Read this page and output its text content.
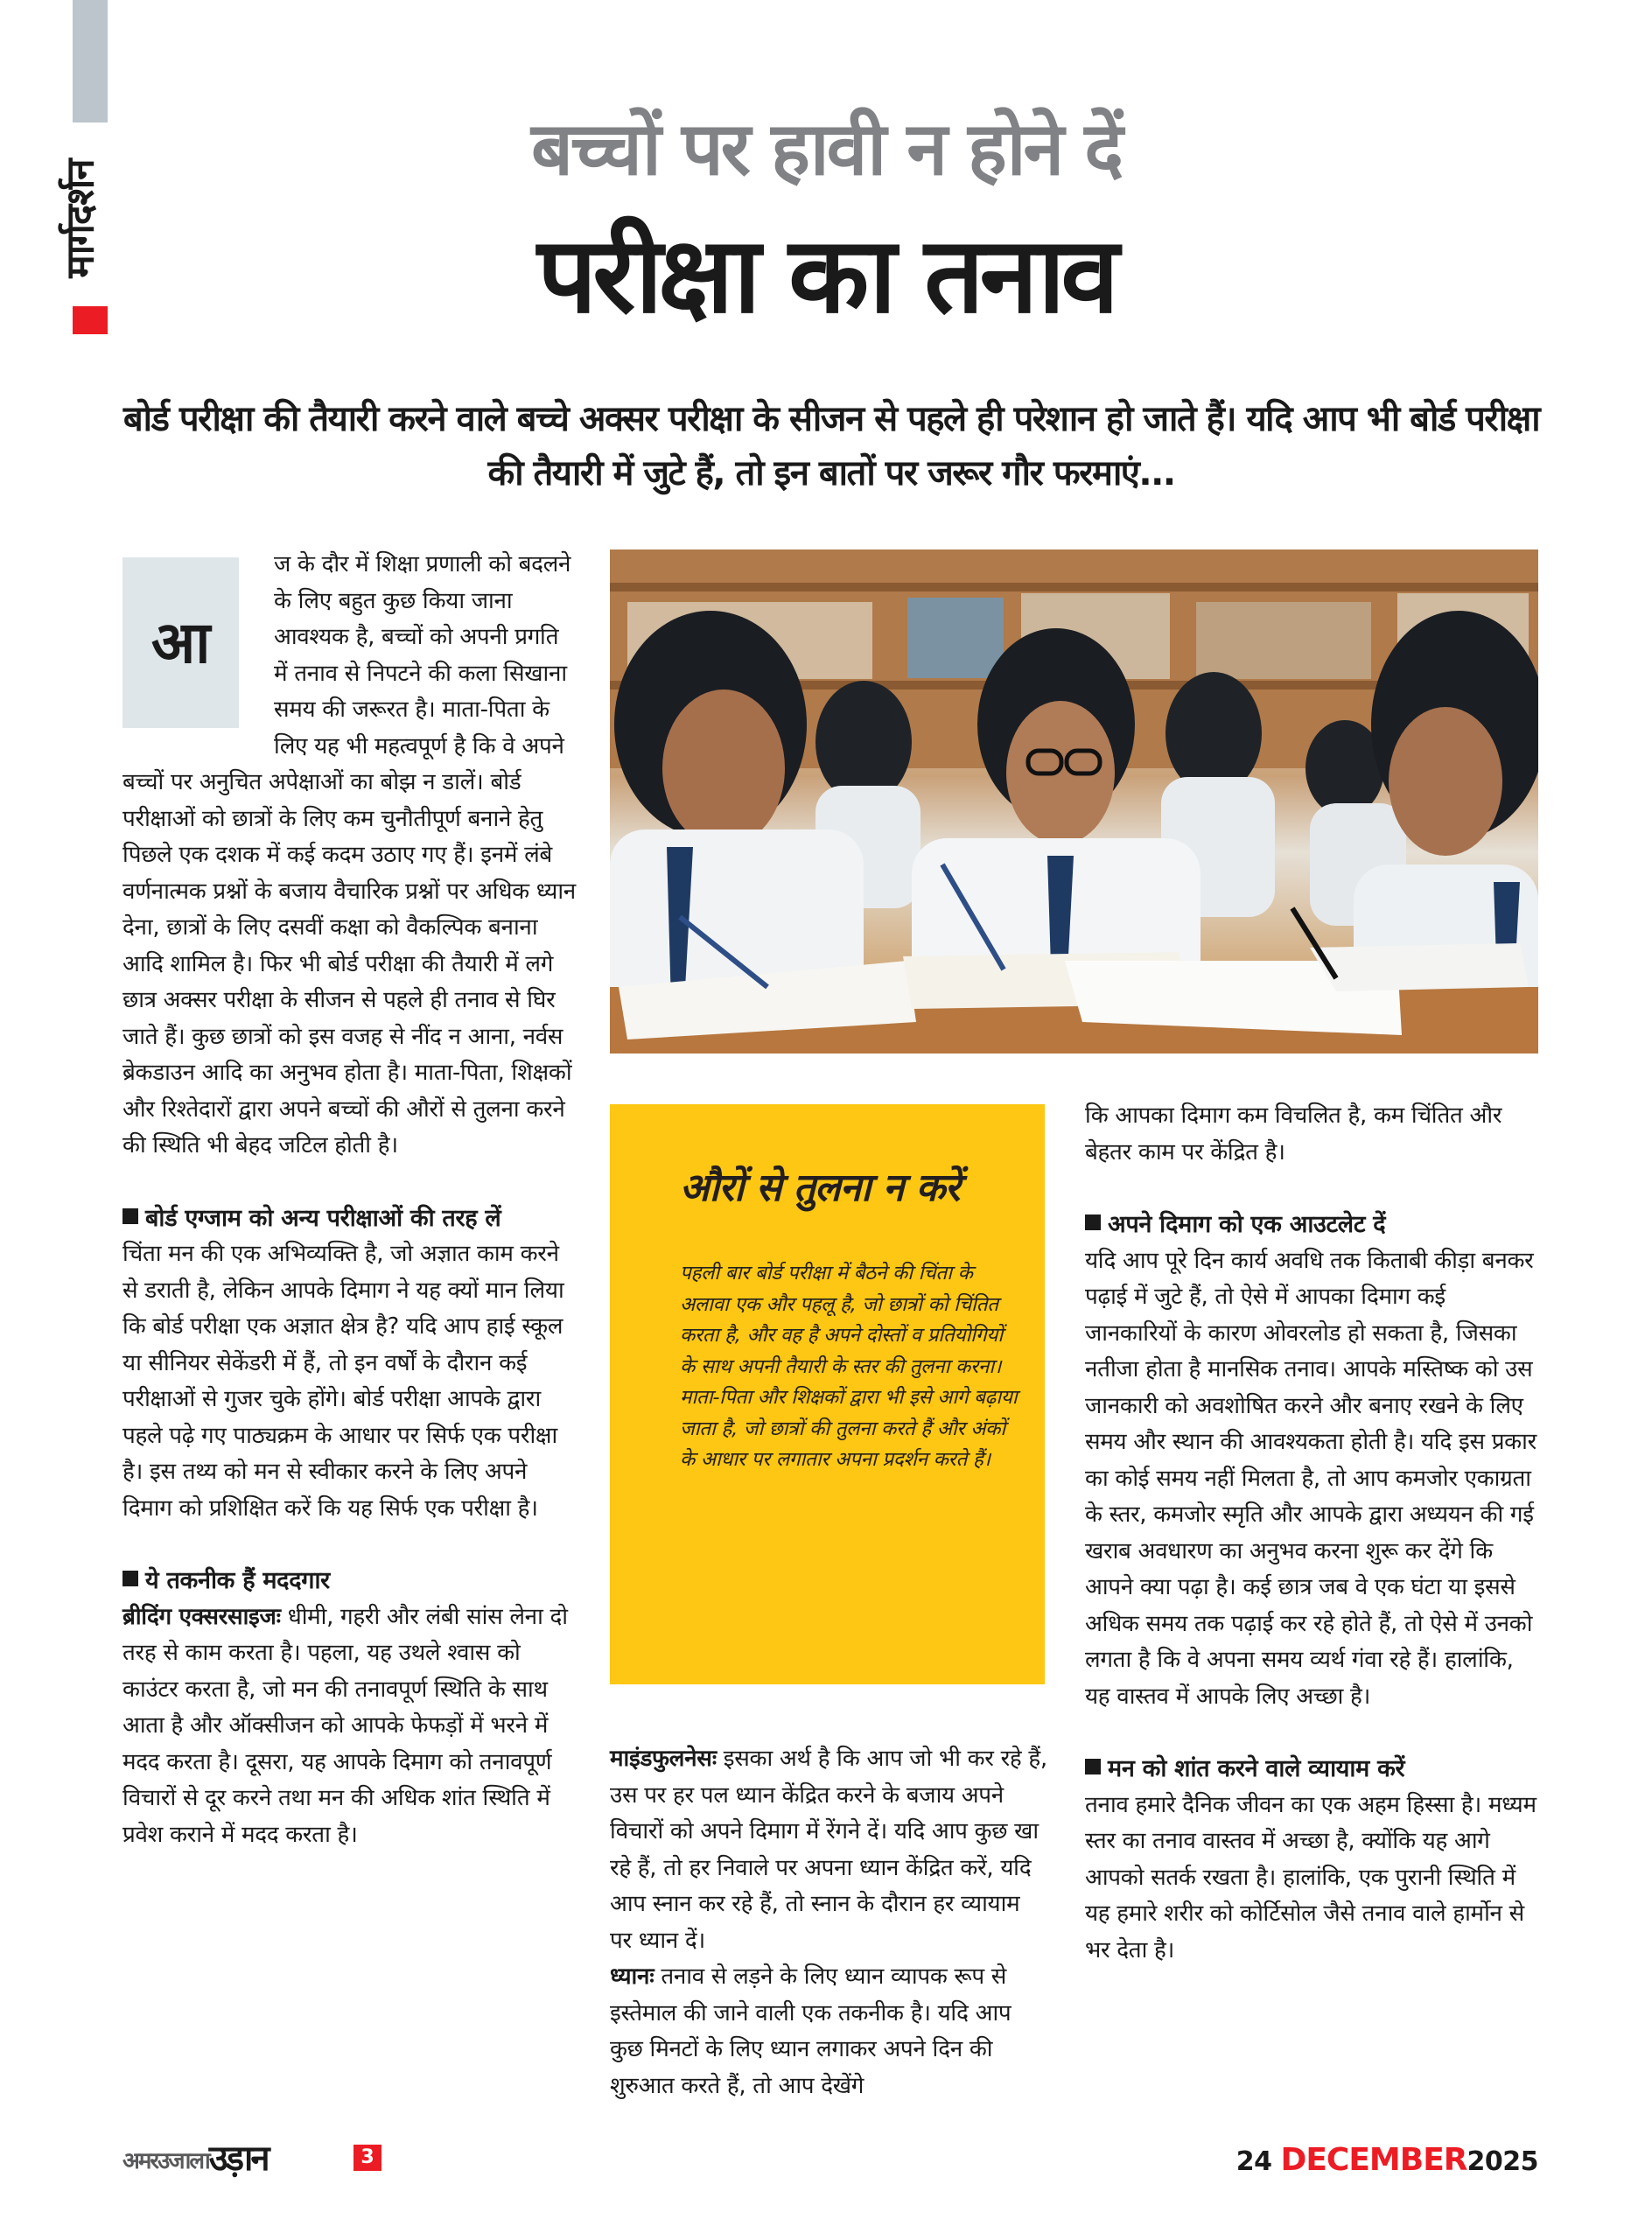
मार्गदर्शन
बच्चों पर हावी न होने दें
परीक्षा का तनाव
बोर्ड परीक्षा की तैयारी करने वाले बच्चे अक्सर परीक्षा के सीजन से पहले ही परेशान हो जाते हैं। यदि आप भी बोर्ड परीक्षा की तैयारी में जुटे हैं, तो इन बातों पर जरूर गौर फरमाएं...
आ

ज के दौर में शिक्षा प्रणाली को बदलने के लिए बहुत कुछ किया जाना आवश्यक है, बच्चों को अपनी प्रगति में तनाव से निपटने की कला सिखाना समय की जरूरत है। माता-पिता के लिए यह भी महत्वपूर्ण है कि वे अपने बच्चों पर अनुचित अपेक्षाओं का बोझ न डालें। बोर्ड परीक्षाओं को छात्रों के लिए कम चुनौतीपूर्ण बनाने हेतु पिछले एक दशक में कई कदम उठाए गए हैं। इनमें लंबे वर्णनात्मक प्रश्नों के बजाय वैचारिक प्रश्नों पर अधिक ध्यान देना, छात्रों के लिए दसवीं कक्षा को वैकल्पिक बनाना आदि शामिल है। फिर भी बोर्ड परीक्षा की तैयारी में लगे छात्र अक्सर परीक्षा के सीजन से पहले ही तनाव से घिर जाते हैं। कुछ छात्रों को इस वजह से नींद न आना, नर्वस ब्रेकडाउन आदि का अनुभव होता है। माता-पिता, शिक्षकों और रिश्तेदारों द्वारा अपने बच्चों की औरों से तुलना करने की स्थिति भी बेहद जटिल होती है।

बोर्ड एग्जाम को अन्य परीक्षाओं की तरह लें

चिंता मन की एक अभिव्यक्ति है, जो अज्ञात काम करने से डराती है, लेकिन आपके दिमाग ने यह क्यों मान लिया कि बोर्ड परीक्षा एक अज्ञात क्षेत्र है? यदि आप हाई स्कूल या सीनियर सेकेंडरी में हैं, तो इन वर्षों के दौरान कई परीक्षाओं से गुजर चुके होंगे। बोर्ड परीक्षा आपके द्वारा पहले पढ़े गए पाठ्यक्रम के आधार पर सिर्फ एक परीक्षा है। इस तथ्य को मन से स्वीकार करने के लिए अपने दिमाग को प्रशिक्षित करें कि यह सिर्फ एक परीक्षा है।

ये तकनीक हैं मददगार

ब्रीदिंग एक्सरसाइजः धीमी, गहरी और लंबी सांस लेना दो तरह से काम करता है। पहला, यह उथले श्वास को काउंटर करता है, जो मन की तनावपूर्ण स्थिति के साथ आता है और ऑक्सीजन को आपके फेफड़ों में भरने में मदद करता है। दूसरा, यह आपके दिमाग को तनावपूर्ण विचारों से दूर करने तथा मन की अधिक शांत स्थिति में प्रवेश कराने में मदद करता है।

औरों से तुलना न करें
पहली बार बोर्ड परीक्षा में बैठने की चिंता के अलावा एक और पहलू है, जो छात्रों को चिंतित करता है, और वह है अपने दोस्तों व प्रतियोगियों के साथ अपनी तैयारी के स्तर की तुलना करना। माता-पिता और शिक्षकों द्वारा भी इसे आगे बढ़ाया जाता है, जो छात्रों की तुलना करते हैं और अंकों के आधार पर लगातार अपना प्रदर्शन करते हैं।

माइंडफुलनेसः इसका अर्थ है कि आप जो भी कर रहे हैं, उस पर हर पल ध्यान केंद्रित करने के बजाय अपने विचारों को अपने दिमाग में रेंगने दें। यदि आप कुछ खा रहे हैं, तो हर निवाले पर अपना ध्यान केंद्रित करें, यदि आप स्नान कर रहे हैं, तो स्नान के दौरान हर व्यायाम पर ध्यान दें।

ध्यानः तनाव से लड़ने के लिए ध्यान व्यापक रूप से इस्तेमाल की जाने वाली एक तकनीक है। यदि आप कुछ मिनटों के लिए ध्यान लगाकर अपने दिन की शुरुआत करते हैं, तो आप देखेंगे

कि आपका दिमाग कम विचलित है, कम चिंतित और बेहतर काम पर केंद्रित है।

अपने दिमाग को एक आउटलेट दें

यदि आप पूरे दिन कार्य अवधि तक किताबी कीड़ा बनकर पढ़ाई में जुटे हैं, तो ऐसे में आपका दिमाग कई जानकारियों के कारण ओवरलोड हो सकता है, जिसका नतीजा होता है मानसिक तनाव। आपके मस्तिष्क को उस जानकारी को अवशोषित करने और बनाए रखने के लिए समय और स्थान की आवश्यकता होती है। यदि इस प्रकार का कोई समय नहीं मिलता है, तो आप कमजोर एकाग्रता के स्तर, कमजोर स्मृति और आपके द्वारा अध्ययन की गई खराब अवधारण का अनुभव करना शुरू कर देंगे कि आपने क्या पढ़ा है। कई छात्र जब वे एक घंटा या इससे अधिक समय तक पढ़ाई कर रहे होते हैं, तो ऐसे में उनको लगता है कि वे अपना समय व्यर्थ गंवा रहे हैं। हालांकि, यह वास्तव में आपके लिए अच्छा है।

मन को शांत करने वाले व्यायाम करें

तनाव हमारे दैनिक जीवन का एक अहम हिस्सा है। मध्यम स्तर का तनाव वास्तव में अच्छा है, क्योंकि यह आगे आपको सतर्क रखता है। हालांकि, एक पुरानी स्थिति में यह हमारे शरीर को कोर्टिसोल जैसे तनाव वाले हार्मोन से भर देता है।

अमरउजाला उड़ान	3	24 DECEMBER2025
